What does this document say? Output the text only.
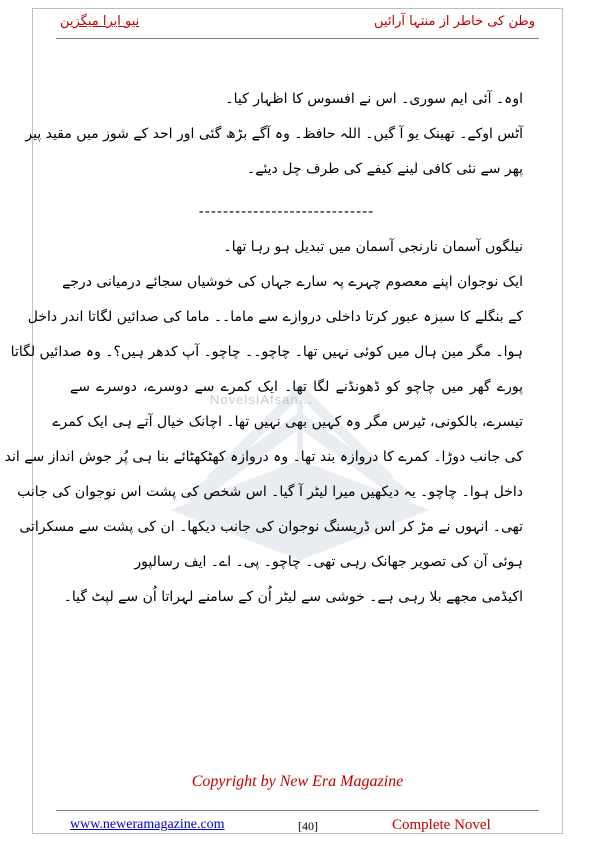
نیو ایرا میگزین	وطن کی خاطر از منتہا آرائیں
NovelsIAfsan...
اوہ۔ آئی ایم سوری۔ اس نے افسوس کا اظہار کیا۔
آٹس اوکے۔ تھینک یو آ گیں۔ اللہ حافظ۔ وہ آگے بڑھ گئی اور احد کے شوز میں مقید پیر
پھر سے نئی کافی لینے کیفے کی طرف چل دیئے۔
-----------------------------
نیلگوں آسمان نارنجی آسمان میں تبدیل ہو رہا تھا۔
ایک نوجوان اپنے معصوم چہرے پہ سارے جہاں کی خوشیاں سجائے درمیانی درجے
کے بنگلے کا سبزہ عبور کرتا داخلی دروازے سے ماما۔۔ ماما کی صدائیں لگاتا اندر داخل
ہوا۔ مگر مین ہال میں کوئی نہیں تھا۔ چاچو۔۔ چاچو۔ آپ کدھر ہیں؟۔ وہ صدائیں لگاتا
پورے گھر میں چاچو کو ڈھونڈنے لگا تھا۔ ایک کمرے سے دوسرے، دوسرے سے
تیسرے، بالکونی، ٹیرس مگر وہ کہیں بھی نہیں تھا۔ اچانک خیال آتے ہی ایک کمرے
کی جانب دوڑا۔ کمرے کا دروازہ بند تھا۔ وہ دروازہ کھٹکھٹائے بنا ہی پُر جوش انداز سے اند
داخل ہوا۔ چاچو۔ یہ دیکھیں میرا لیٹر آ گیا۔ اس شخص کی پشت اس نوجوان کی جانب
تھی۔ انہوں نے مڑ کر اس ڈریسنگ نوجوان کی جانب دیکھا۔ ان کی پشت سے مسکراتی
ہوئی آن کی تصویر جھانک رہی تھی۔ چاچو۔ پی۔ اے۔ ایف رسالپور
اکیڈمی مجھے بلا رہی ہے۔ خوشی سے لیٹر اُن کے سامنے لہراتا اُن سے لپٹ گیا۔
Copyright by New Era Magazine
www.neweramagazine.com	[40]	Complete Novel
